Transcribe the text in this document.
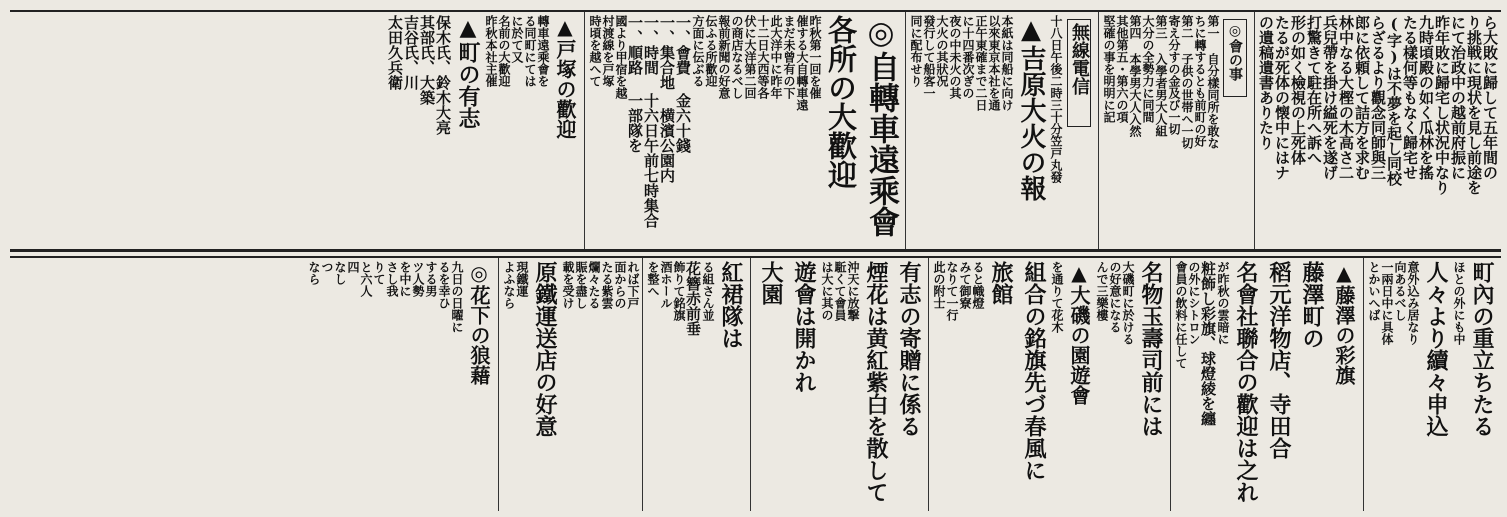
ら大敗に歸して五年間の
り挑戦に現状を見し前途を
にて治政中の越前府振に
昨年敗に歸宅し状況中なり
九時頃殿の如く瓜林を搖
たる樣何等もなく歸宅せ
(字)は不夢を起し同校
らざるより觀念同師與三
郎に依頼して詰方を求む
林中なる大樫の木高さ二
兵兒帶を掛け縊死を遂げ
打驚きて駐在所へ訴へ
形の如く檢視の上死体
たるが死体の懐中にはナ
の遺稿遺書ありたり
◎會の事
第一 自分樣同所を敢な
ちに轉するとも前町の好
第二 子供の世帯へ一切
寄え分すの金及び一切
第三 入學者男大人組
大分の全勢力に同間
第四 本學男大人入然
其他第五・第六の項
堅確の事を明明に記
無線電信
十八日午後二時三十分笠戸丸發
▲吉原大火の報
本紙は同船に向け
以來東京本社を通
正午東確まで二日
に十四番次ぎの
夜の中未火の其
大火の其狀况
發行して船客一
同に配布せり
◎自轉車遠乘會
各所の大歡迎
昨秋第一回を催
催する大自轉車遠
まだ未曾有の下
此大洋中に昨年
十二日大西等各
伏に大洋第二回
の商店なるべし
報前新聞の好意
伝ふる所歡迎
方面に伝ぶる
一、會費 金六十錢
一、集合地 横濱公園内
一、時間 十六日午前七時集合
一、順路 一部隊を
國より甲宿を越
村渡線を戸塚
時頃を越へて
▲戸塚の歡迎
轉車遠乘會を
る同町にては
に於て又
名前の大歡迎
昨秋本社主催
▲町の有志
保木氏、鈴木大亮
其部氏、大築
吉谷氏、川
太田久兵衛
町內の重立ちたる
ほとの外にも中
人々より續々申込
意外込み居なり
向あるべし
一兩日中に具体
とかいへば
▲藤澤の彩旗
藤澤町の
稻元洋物店、寺田合
名會社聯合の歡迎は之れ
が昨秋の雲暗に
粧飾し彩旗、球燈綾を纏
の外にシトロン
會員の飲料に任して
名物玉壽司前には
大磯町に於ける
の好意になる
んで三樂樓
▲大磯の園遊會
を通りて花木
組合の銘旗先づ春風に
旅館
ると幟燈
みて御寮
なりて一行
此の附士
有志の寄贈に係る
煙花は黄紅紫白を散して
沖天に放撃
駈くて會員
は大に其の
遊會は開かれ
大園
紅裙隊は
る組さん並
花簪赤前垂
飾りて銘旗
酒ホール
を整へ
れば下戸
面からの
たる紫雲
爛々たる
賑を盡し
載を受け
原鐵運送店の好意
現鐵運
よふなら
◎花下の狼藉
九日の日曜に
るを幸ひ
する男
ツ人勢
を中に
さし我
りて
と六人
四
なし
つ
なら
